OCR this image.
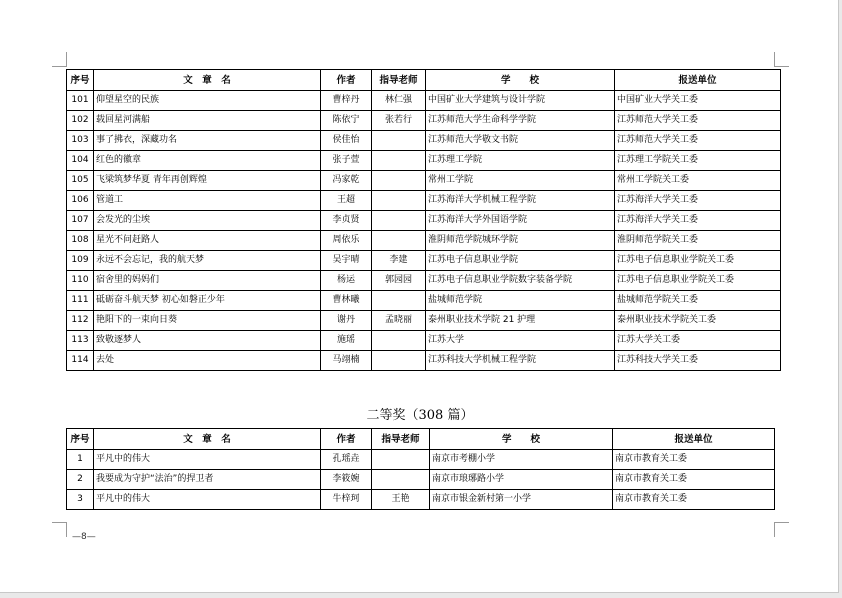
序号	文　章　名	作者	指导老师	学　　校	报送单位
101	仰望星空的民族	曹梓丹	林仁强	中国矿业大学建筑与设计学院	中国矿业大学关工委
102	载回星河满船	陈依宁	张若行	江苏师范大学生命科学学院	江苏师范大学关工委
103	事了拂衣，深藏功名	侯佳怡		江苏师范大学敬文书院	江苏师范大学关工委
104	红色的徽章	张子萱		江苏理工学院	江苏理工学院关工委
105	飞梁筑梦华夏 青年再创辉煌	冯家乾		常州工学院	常州工学院关工委
106	管道工	王超		江苏海洋大学机械工程学院	江苏海洋大学关工委
107	会发光的尘埃	李贞贤		江苏海洋大学外国语学院	江苏海洋大学关工委
108	星光不问赶路人	周依乐		淮阴师范学院城环学院	淮阴师范学院关工委
109	永远不会忘记，我的航天梦	吴宇晴	李建	江苏电子信息职业学院	江苏电子信息职业学院关工委
110	宿舍里的妈妈们	杨运	郭园园	江苏电子信息职业学院数字装备学院	江苏电子信息职业学院关工委
111	砥砺奋斗航天梦 初心如磐正少年	曹林曦		盐城师范学院	盐城师范学院关工委
112	艳阳下的一束向日葵	谢丹	孟晓丽	泰州职业技术学院 21 护理	泰州职业技术学院关工委
113	致敬逐梦人	施瑶		江苏大学	江苏大学关工委
114	去处	马翊楠		江苏科技大学机械工程学院	江苏科技大学关工委
二等奖（308 篇）
序号	文　章　名	作者	指导老师	学　　校	报送单位
1	平凡中的伟大	孔瑶垚		南京市考棚小学	南京市教育关工委
2	我要成为守护“法治”的捍卫者	李筱婉		南京市琅琊路小学	南京市教育关工委
3	平凡中的伟大	牛梓珂	王艳	南京市银金新村第一小学	南京市教育关工委
—8—
